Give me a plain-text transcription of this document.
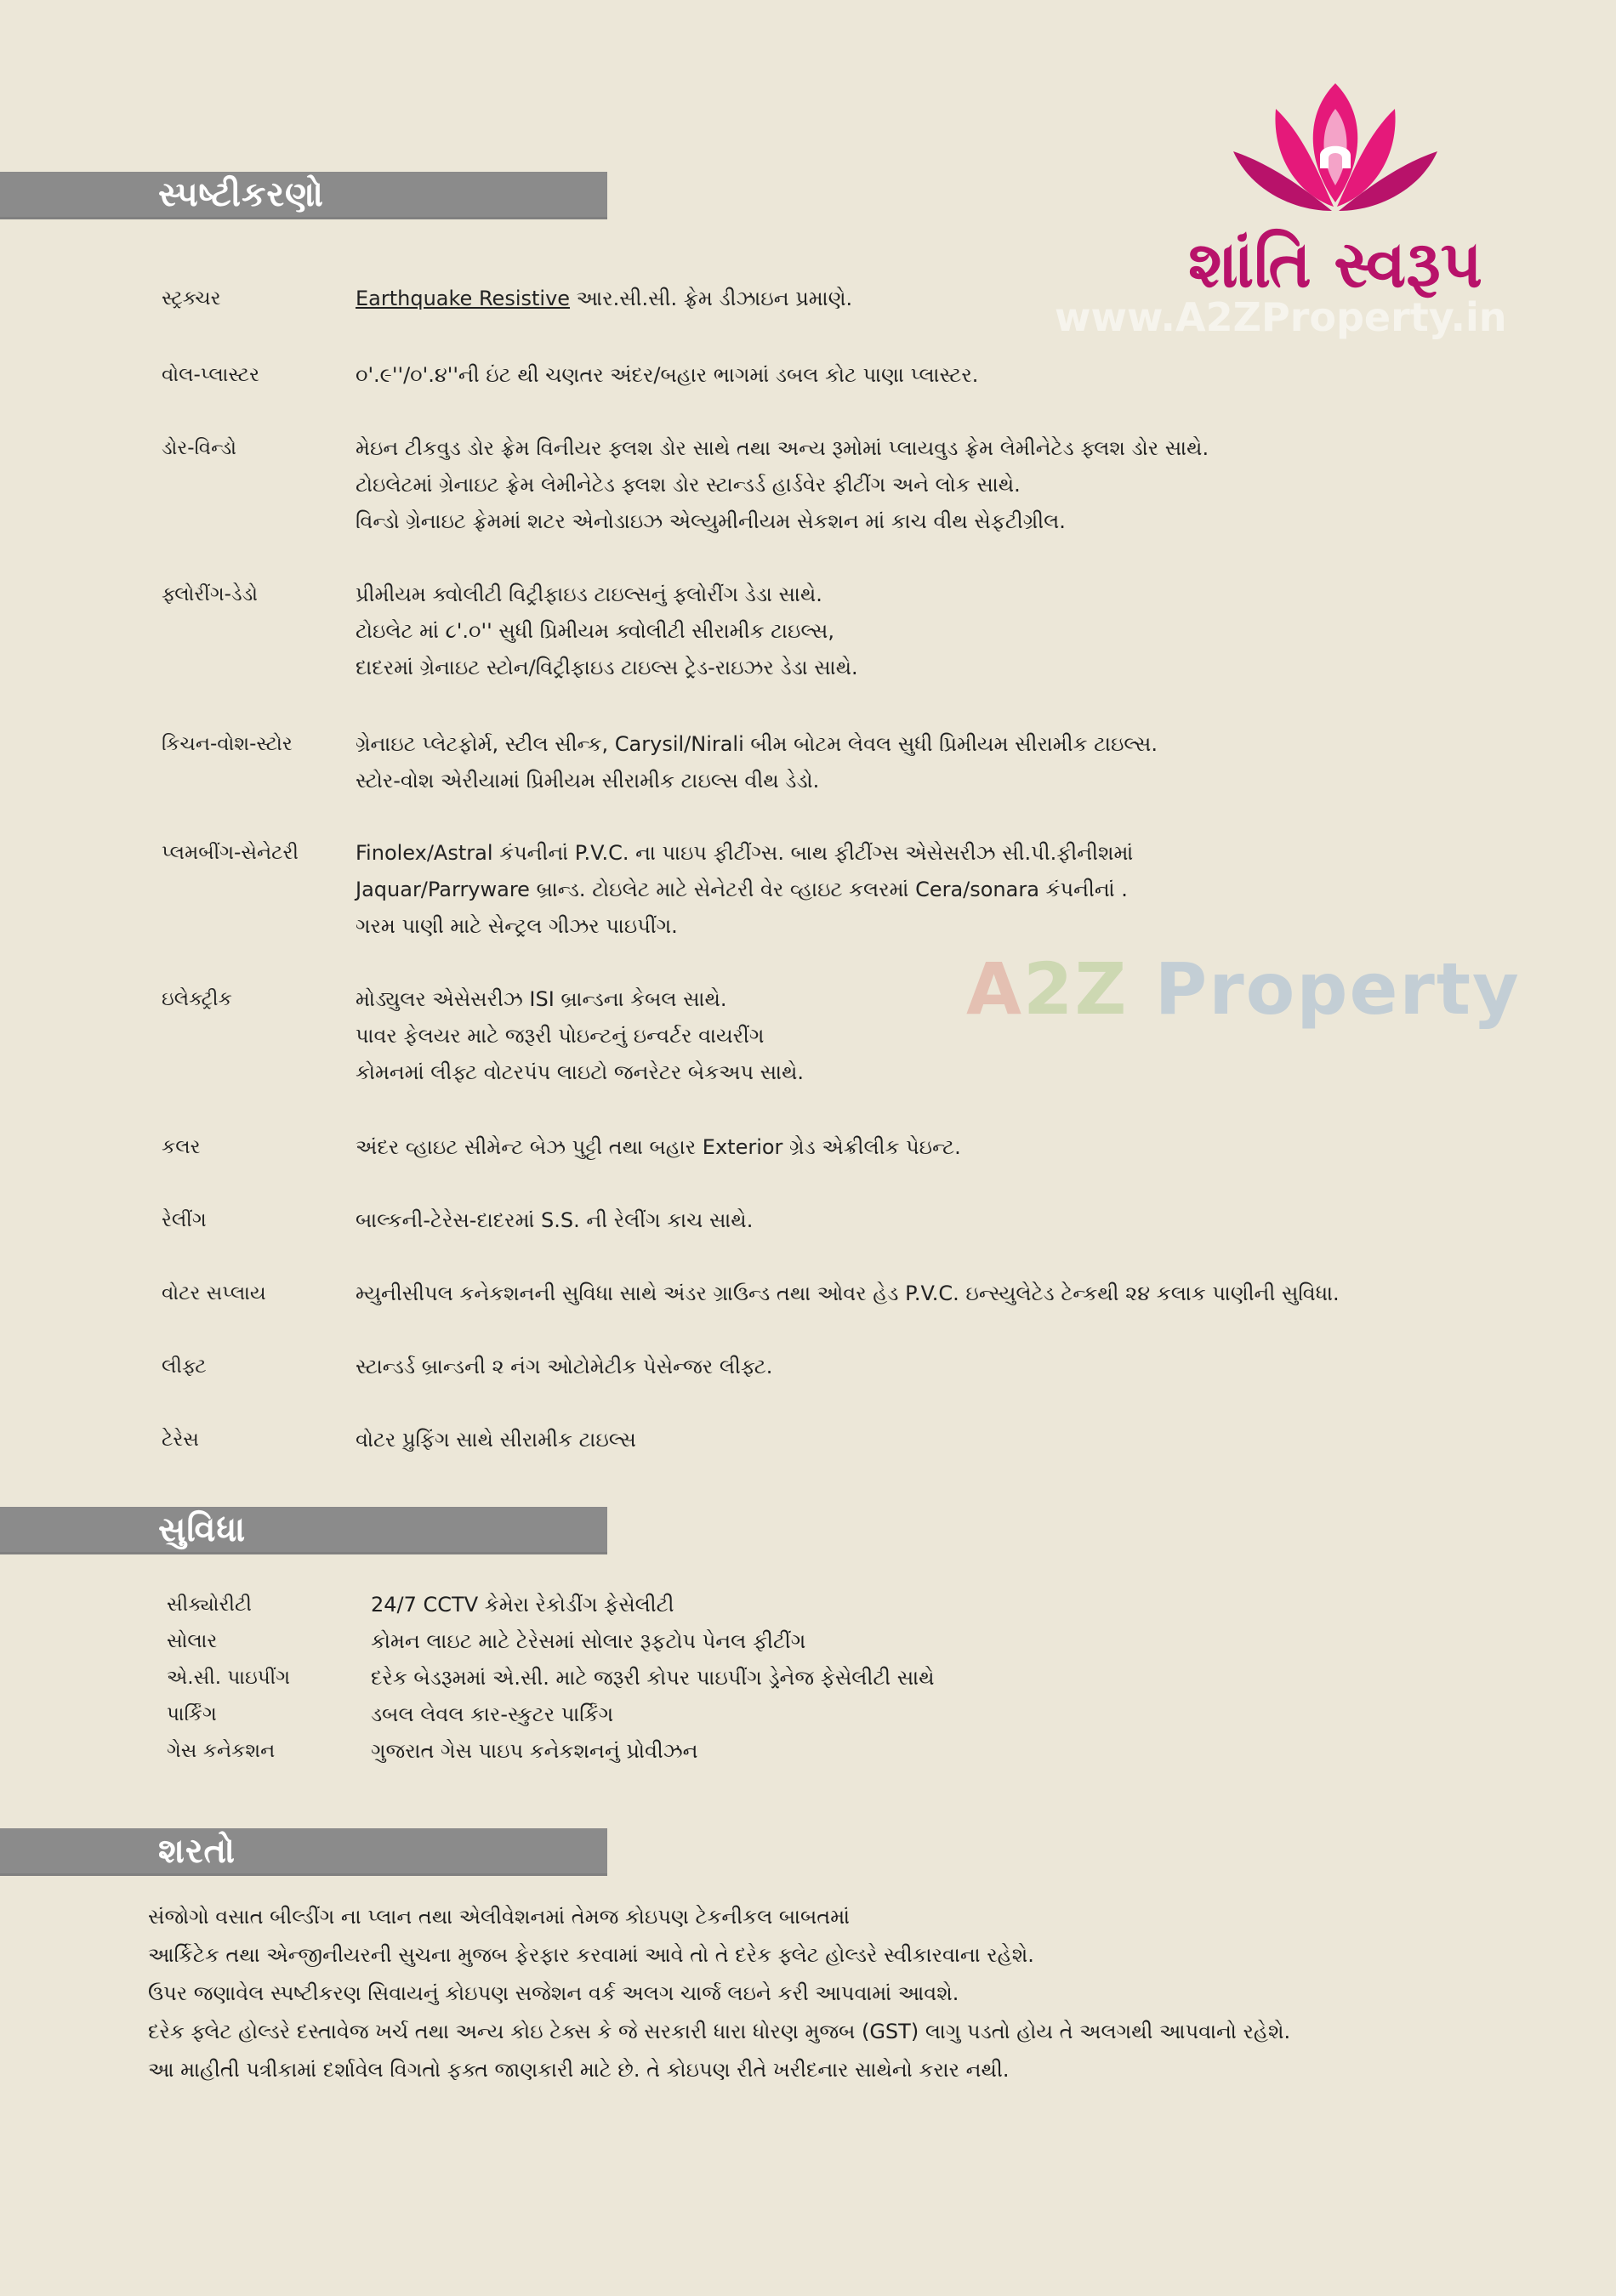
શાંતિ સ્વરૂપ
www.A2ZProperty.in
સ્પષ્ટીકરણો
સ્ટ્રક્ચર	Earthquake Resistive આર.સી.સી. ફ્રેમ ડીઝાઇન પ્રમાણે.
વોલ-પ્લાસ્ટર	૦'.૯''/૦'.૪''ની ઇંટ થી ચણતર અંદર/બહાર ભાગમાં ડબલ કોટ પાણા પ્લાસ્ટર.
ડોર-વિન્ડો	મેઇન ટીકવુડ ડોર ફ્રેમ વિનીયર ફ્લશ ડોર સાથે તથા અન્ય રૂમોમાં પ્લાયવુડ ફ્રેમ લેમીનેટેડ ફ્લશ ડોર સાથે.
ટોઇલેટમાં ગ્રેનાઇટ ફ્રેમ લેમીનેટેડ ફ્લશ ડોર સ્ટાન્ડર્ડ હાર્ડવેર ફીટીંગ અને લોક સાથે.
વિન્ડો ગ્રેનાઇટ ફ્રેમમાં શટર એનોડાઇઝ એલ્યુમીનીયમ સેકશન માં કાચ વીથ સેફટીગ્રીલ.
ફ્લોરીંગ-ડેડો	પ્રીમીયમ ક્વોલીટી વિટ્રીફાઇડ ટાઇલ્સનું ફ્લોરીંગ ડેડા સાથે.
ટોઇલેટ માં ૮'.૦'' સુધી પ્રિમીયમ ક્વોલીટી સીરામીક ટાઇલ્સ,
દાદરમાં ગ્રેનાઇટ સ્ટોન/વિટ્રીફાઇડ ટાઇલ્સ ટ્રેડ-રાઇઝર ડેડા સાથે.
કિચન-વોશ-સ્ટોર	ગ્રેનાઇટ પ્લેટફોર્મ, સ્ટીલ સીન્ક, Carysil/Nirali બીમ બોટમ લેવલ સુધી પ્રિમીયમ સીરામીક ટાઇલ્સ.
સ્ટોર-વોશ એરીયામાં પ્રિમીયમ સીરામીક ટાઇલ્સ વીથ ડેડો.
પ્લમબીંગ-સેનેટરી	Finolex/Astral કંપનીનાં P.V.C. ના પાઇપ ફીટીંગ્સ. બાથ ફીટીંગ્સ એસેસરીઝ સી.પી.ફીનીશમાં
Jaquar/Parryware બ્રાન્ડ. ટોઇલેટ માટે સેનેટરી વેર વ્હાઇટ કલરમાં Cera/sonara કંપનીનાં .
ગરમ પાણી માટે સેન્ટ્રલ ગીઝર પાઇપીંગ.
ઇલેક્ટ્રીક	મોડ્યુલર એસેસરીઝ ISI બ્રાન્ડના કેબલ સાથે.
પાવર ફેલયર માટે જરૂરી પોઇન્ટનું ઇન્વર્ટર વાયરીંગ
કોમનમાં લીફ્ટ વોટરપંપ લાઇટો જનરેટર બેકઅપ સાથે.
કલર	અંદર વ્હાઇટ સીમેન્ટ બેઝ પુટ્ટી તથા બહાર Exterior ગ્રેડ એક્રીલીક પેઇન્ટ.
રેલીંગ	બાલ્કની-ટેરેસ-દાદરમાં S.S. ની રેલીંગ કાચ સાથે.
વોટર સપ્લાય	મ્યુનીસીપલ કનેકશનની સુવિધા સાથે અંડર ગ્રાઉન્ડ તથા ઓવર હેડ P.V.C. ઇન્સ્યુલેટેડ ટેન્કથી ૨૪ કલાક પાણીની સુવિધા.
લીફ્ટ	સ્ટાન્ડર્ડ બ્રાન્ડની ૨ નંગ ઓટોમેટીક પેસેન્જર લીફ્ટ.
ટેરેસ	વોટર પ્રુફિંગ સાથે સીરામીક ટાઇલ્સ
A2Z Property
સુવિધા
સીક્યોરીટી	24/7 CCTV કેમેરા રેકોડીંગ ફેસેલીટી
સોલાર	કોમન લાઇટ માટે ટેરેસમાં સોલાર રૂફટોપ પેનલ ફીટીંગ
એ.સી. પાઇપીંગ	દરેક બેડરૂમમાં એ.સી. માટે જરૂરી કોપર પાઇપીંગ ડ્રેનેજ ફેસેલીટી સાથે
પાર્કિંગ	ડબલ લેવલ કાર-સ્કુટર પાર્કિંગ
ગેસ કનેકશન	ગુજરાત ગેસ પાઇપ કનેકશનનું પ્રોવીઝન
શરતો
સંજોગો વસાત બીલ્ડીંગ ના પ્લાન તથા એલીવેશનમાં તેમજ કોઇપણ ટેકનીકલ બાબતમાં
આર્કિટેક તથા એન્જીનીયરની સુચના મુજબ ફેરફાર કરવામાં આવે તો તે દરેક ફ્લેટ હોલ્ડરે સ્વીકારવાના રહેશે.
ઉપર જણાવેલ સ્પષ્ટીકરણ સિવાયનું કોઇપણ સજેશન વર્ક અલગ ચાર્જ લઇને કરી આપવામાં આવશે.
દરેક ફ્લેટ હોલ્ડરે દસ્તાવેજ ખર્ચ તથા અન્ય કોઇ ટેક્સ કે જે સરકારી ધારા ધોરણ મુજબ (GST) લાગુ પડતો હોય તે અલગથી આપવાનો રહેશે.
આ માહીતી પત્રીકામાં દર્શાવેલ વિગતો ફક્ત જાણકારી માટે છે. તે કોઇપણ રીતે ખરીદનાર સાથેનો કરાર નથી.
